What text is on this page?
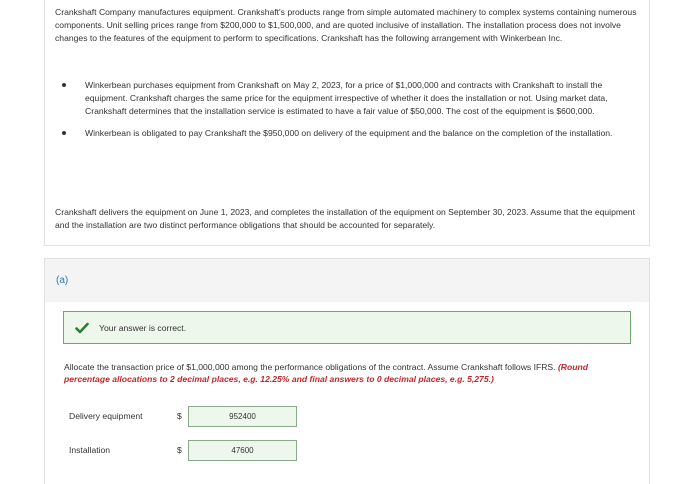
Crankshaft Company manufactures equipment. Crankshaft's products range from simple automated machinery to complex systems containing numerous components. Unit selling prices range from $200,000 to $1,500,000, and are quoted inclusive of installation. The installation process does not involve changes to the features of the equipment to perform to specifications. Crankshaft has the following arrangement with Winkerbean Inc.

Winkerbean purchases equipment from Crankshaft on May 2, 2023, for a price of $1,000,000 and contracts with Crankshaft to install the equipment. Crankshaft charges the same price for the equipment irrespective of whether it does the installation or not. Using market data, Crankshaft determines that the installation service is estimated to have a fair value of $50,000. The cost of the equipment is $600,000.
Winkerbean is obligated to pay Crankshaft the $950,000 on delivery of the equipment and the balance on the completion of the installation.

Crankshaft delivers the equipment on June 1, 2023, and completes the installation of the equipment on September 30, 2023. Assume that the equipment and the installation are two distinct performance obligations that should be accounted for separately.

(a)
Your answer is correct.

Allocate the transaction price of $1,000,000 among the performance obligations of the contract. Assume Crankshaft follows IFRS. (Round percentage allocations to 2 decimal places, e.g. 12.25% and final answers to 0 decimal places, e.g. 5,275.)

Delivery equipment	$
952400
Installation	$
47600
